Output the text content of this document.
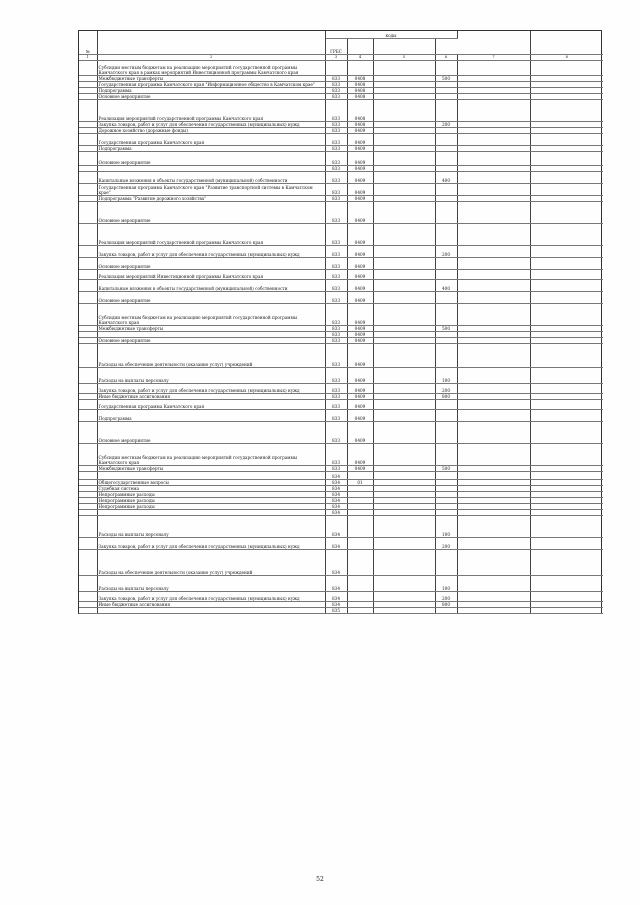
№		коды					
		ГРБС					
1	2	3	4	5	6	7	8
	Субсидии местным бюджетам на реализацию мероприятий государственной программы Камчатского края в рамках мероприятий Инвестиционной программы Камчатского края						
	Межбюджетные трансферты	833	0408		500		
	Государственная программа Камчатского края "Информационное общество в Камчатском крае"	833	0408				
	Подпрограмма	833	0408				
	Основное мероприятие	833	0408				
	Реализация мероприятий государственной программы Камчатского края	833	0408				
	Закупка товаров, работ и услуг для обеспечения государственных (муниципальных) нужд	833	0408		200		
	Дорожное хозяйство (дорожные фонды)	833	0409				
	Государственная программа Камчатского края	833	0409				
	Подпрограмма	833	0409				
	Основное мероприятие	833	0409				
		833	0409				
	Капитальные вложения в объекты государственной (муниципальной) собственности	833	0409		400		
	Государственная программа Камчатского края "Развитие транспортной системы в Камчатском крае"	833	0409				
	Подпрограмма "Развитие дорожного хозяйства"	833	0409				
	Основное мероприятие	833	0409				
	Реализация мероприятий государственной программы Камчатского края	833	0409				
	Закупка товаров, работ и услуг для обеспечения государственных (муниципальных) нужд	833	0409		200		
	Основное мероприятие	833	0409				
	Реализация мероприятий Инвестиционной программы Камчатского края	833	0409				
	Капитальные вложения в объекты государственной (муниципальной) собственности	833	0409		400		
	Основное мероприятие	833	0409				
	Субсидии местным бюджетам на реализацию мероприятий государственной программы Камчатского края	833	0409				
	Межбюджетные трансферты	833	0409		500		
		833	0409				
	Основное мероприятие	833	0409				
	Расходы на обеспечение деятельности (оказание услуг) учреждений	833	0409				
	Расходы на выплаты персоналу	833	0409		100		
	Закупка товаров, работ и услуг для обеспечения государственных (муниципальных) нужд	833	0409		200		
	Иные бюджетные ассигнования	833	0409		800		
	Государственная программа Камчатского края	833	0409				
	Подпрограмма	833	0409				
	Основное мероприятие	833	0409				
	Субсидии местным бюджетам на реализацию мероприятий государственной программы Камчатского края	833	0409				
	Межбюджетные трансферты	833	0409		500		
		834					
	Общегосударственные вопросы	834	01				
	Судебная система	834					
	Непрограммные расходы	834					
	Непрограммные расходы	834					
	Непрограммные расходы	834					
		834					
	Расходы на выплаты персоналу	834			100		
	Закупка товаров, работ и услуг для обеспечения государственных (муниципальных) нужд	834			200		
	Расходы на обеспечение деятельности (оказание услуг) учреждений	834					
	Расходы на выплаты персоналу	834			100		
	Закупка товаров, работ и услуг для обеспечения государственных (муниципальных) нужд	834			200		
	Иные бюджетные ассигнования	834			800		
		835					
52
